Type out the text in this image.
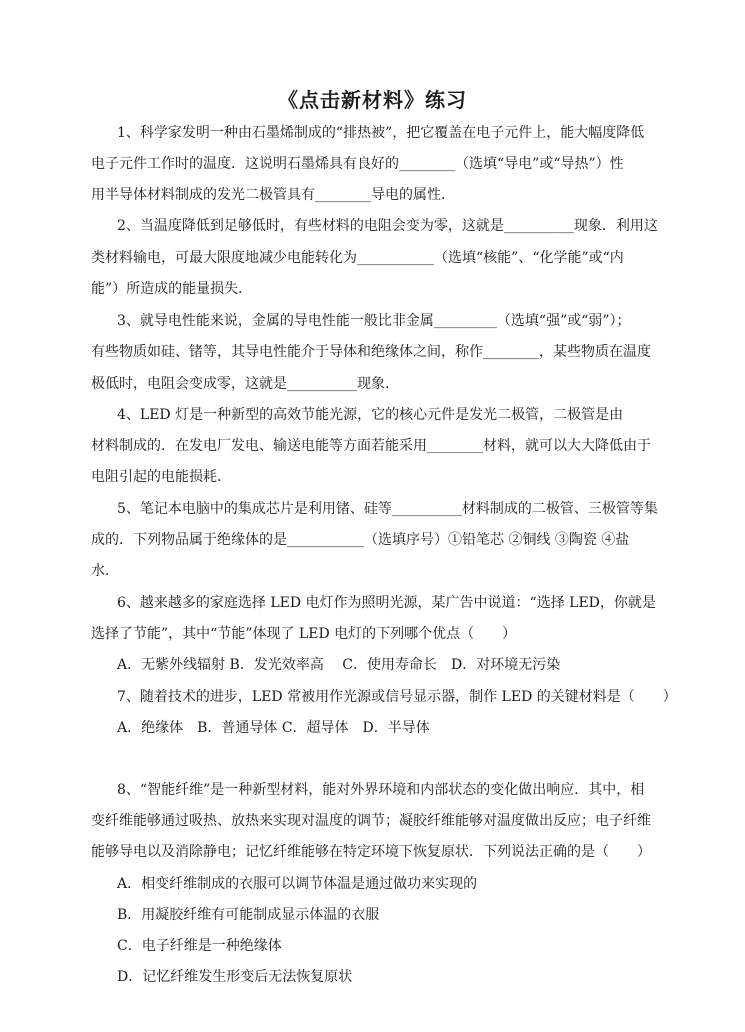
《点击新材料》练习
1、科学家发明一种由石墨烯制成的“排热被”，把它覆盖在电子元件上，能大幅度降低
电子元件工作时的温度．这说明石墨烯具有良好的________（选填“导电”或“导热”）性
用半导体材料制成的发光二极管具有________导电的属性．
2、当温度降低到足够低时，有些材料的电阻会变为零，这就是__________现象．利用这
类材料输电，可最大限度地减少电能转化为___________（选填“核能”、“化学能”或“内
能”）所造成的能量损失．
3、就导电性能来说，金属的导电性能一般比非金属_________（选填“强”或“弱”）；
有些物质如硅、锗等，其导电性能介于导体和绝缘体之间，称作________，某些物质在温度
极低时，电阻会变成零，这就是__________现象．
4、LED 灯是一种新型的高效节能光源，它的核心元件是发光二极管，二极管是由
材料制成的．在发电厂发电、输送电能等方面若能采用________材料，就可以大大降低由于
电阻引起的电能损耗．
5、笔记本电脑中的集成芯片是利用锗、硅等__________材料制成的二极管、三极管等集
成的．下列物品属于绝缘体的是___________（选填序号）①铅笔芯 ②铜线 ③陶瓷 ④盐
水．
6、越来越多的家庭选择 LED 电灯作为照明光源，某广告中说道：“选择 LED，你就是
选择了节能”，其中“节能”体现了 LED 电灯的下列哪个优点（　　）
A．无紫外线辐射 B．发光效率高　 C．使用寿命长　D．对环境无污染
7、随着技术的进步，LED 常被用作光源或信号显示器，制作 LED 的关键材料是（　　）
A．绝缘体　B．普通导体 C．超导体　D．半导体
8、“智能纤维”是一种新型材料，能对外界环境和内部状态的变化做出响应．其中，相
变纤维能够通过吸热、放热来实现对温度的调节；凝胶纤维能够对温度做出反应；电子纤维
能够导电以及消除静电；记忆纤维能够在特定环境下恢复原状．下列说法正确的是（　　）
A．相变纤维制成的衣服可以调节体温是通过做功来实现的
B．用凝胶纤维有可能制成显示体温的衣服
C．电子纤维是一种绝缘体
D．记忆纤维发生形变后无法恢复原状
